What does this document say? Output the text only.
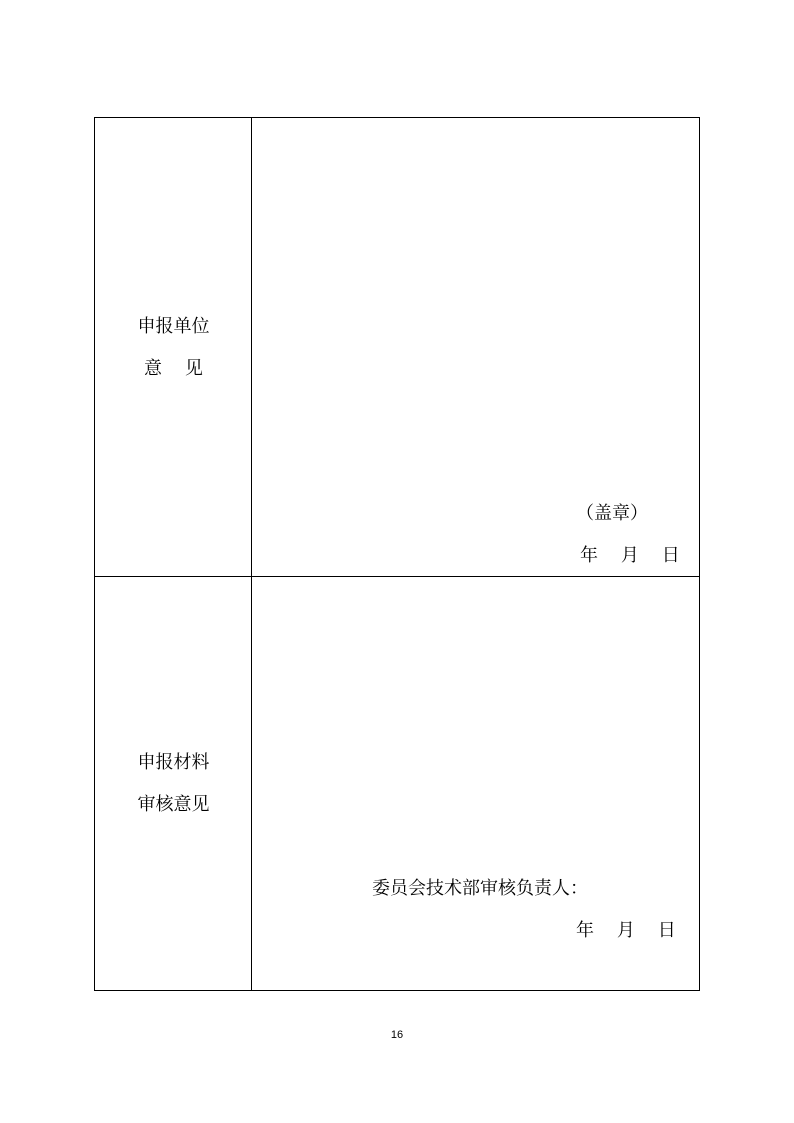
申报单位
意    见
（盖章）
年    月    日
申报材料
审核意见
委员会技术部审核负责人：
年    月    日
16
